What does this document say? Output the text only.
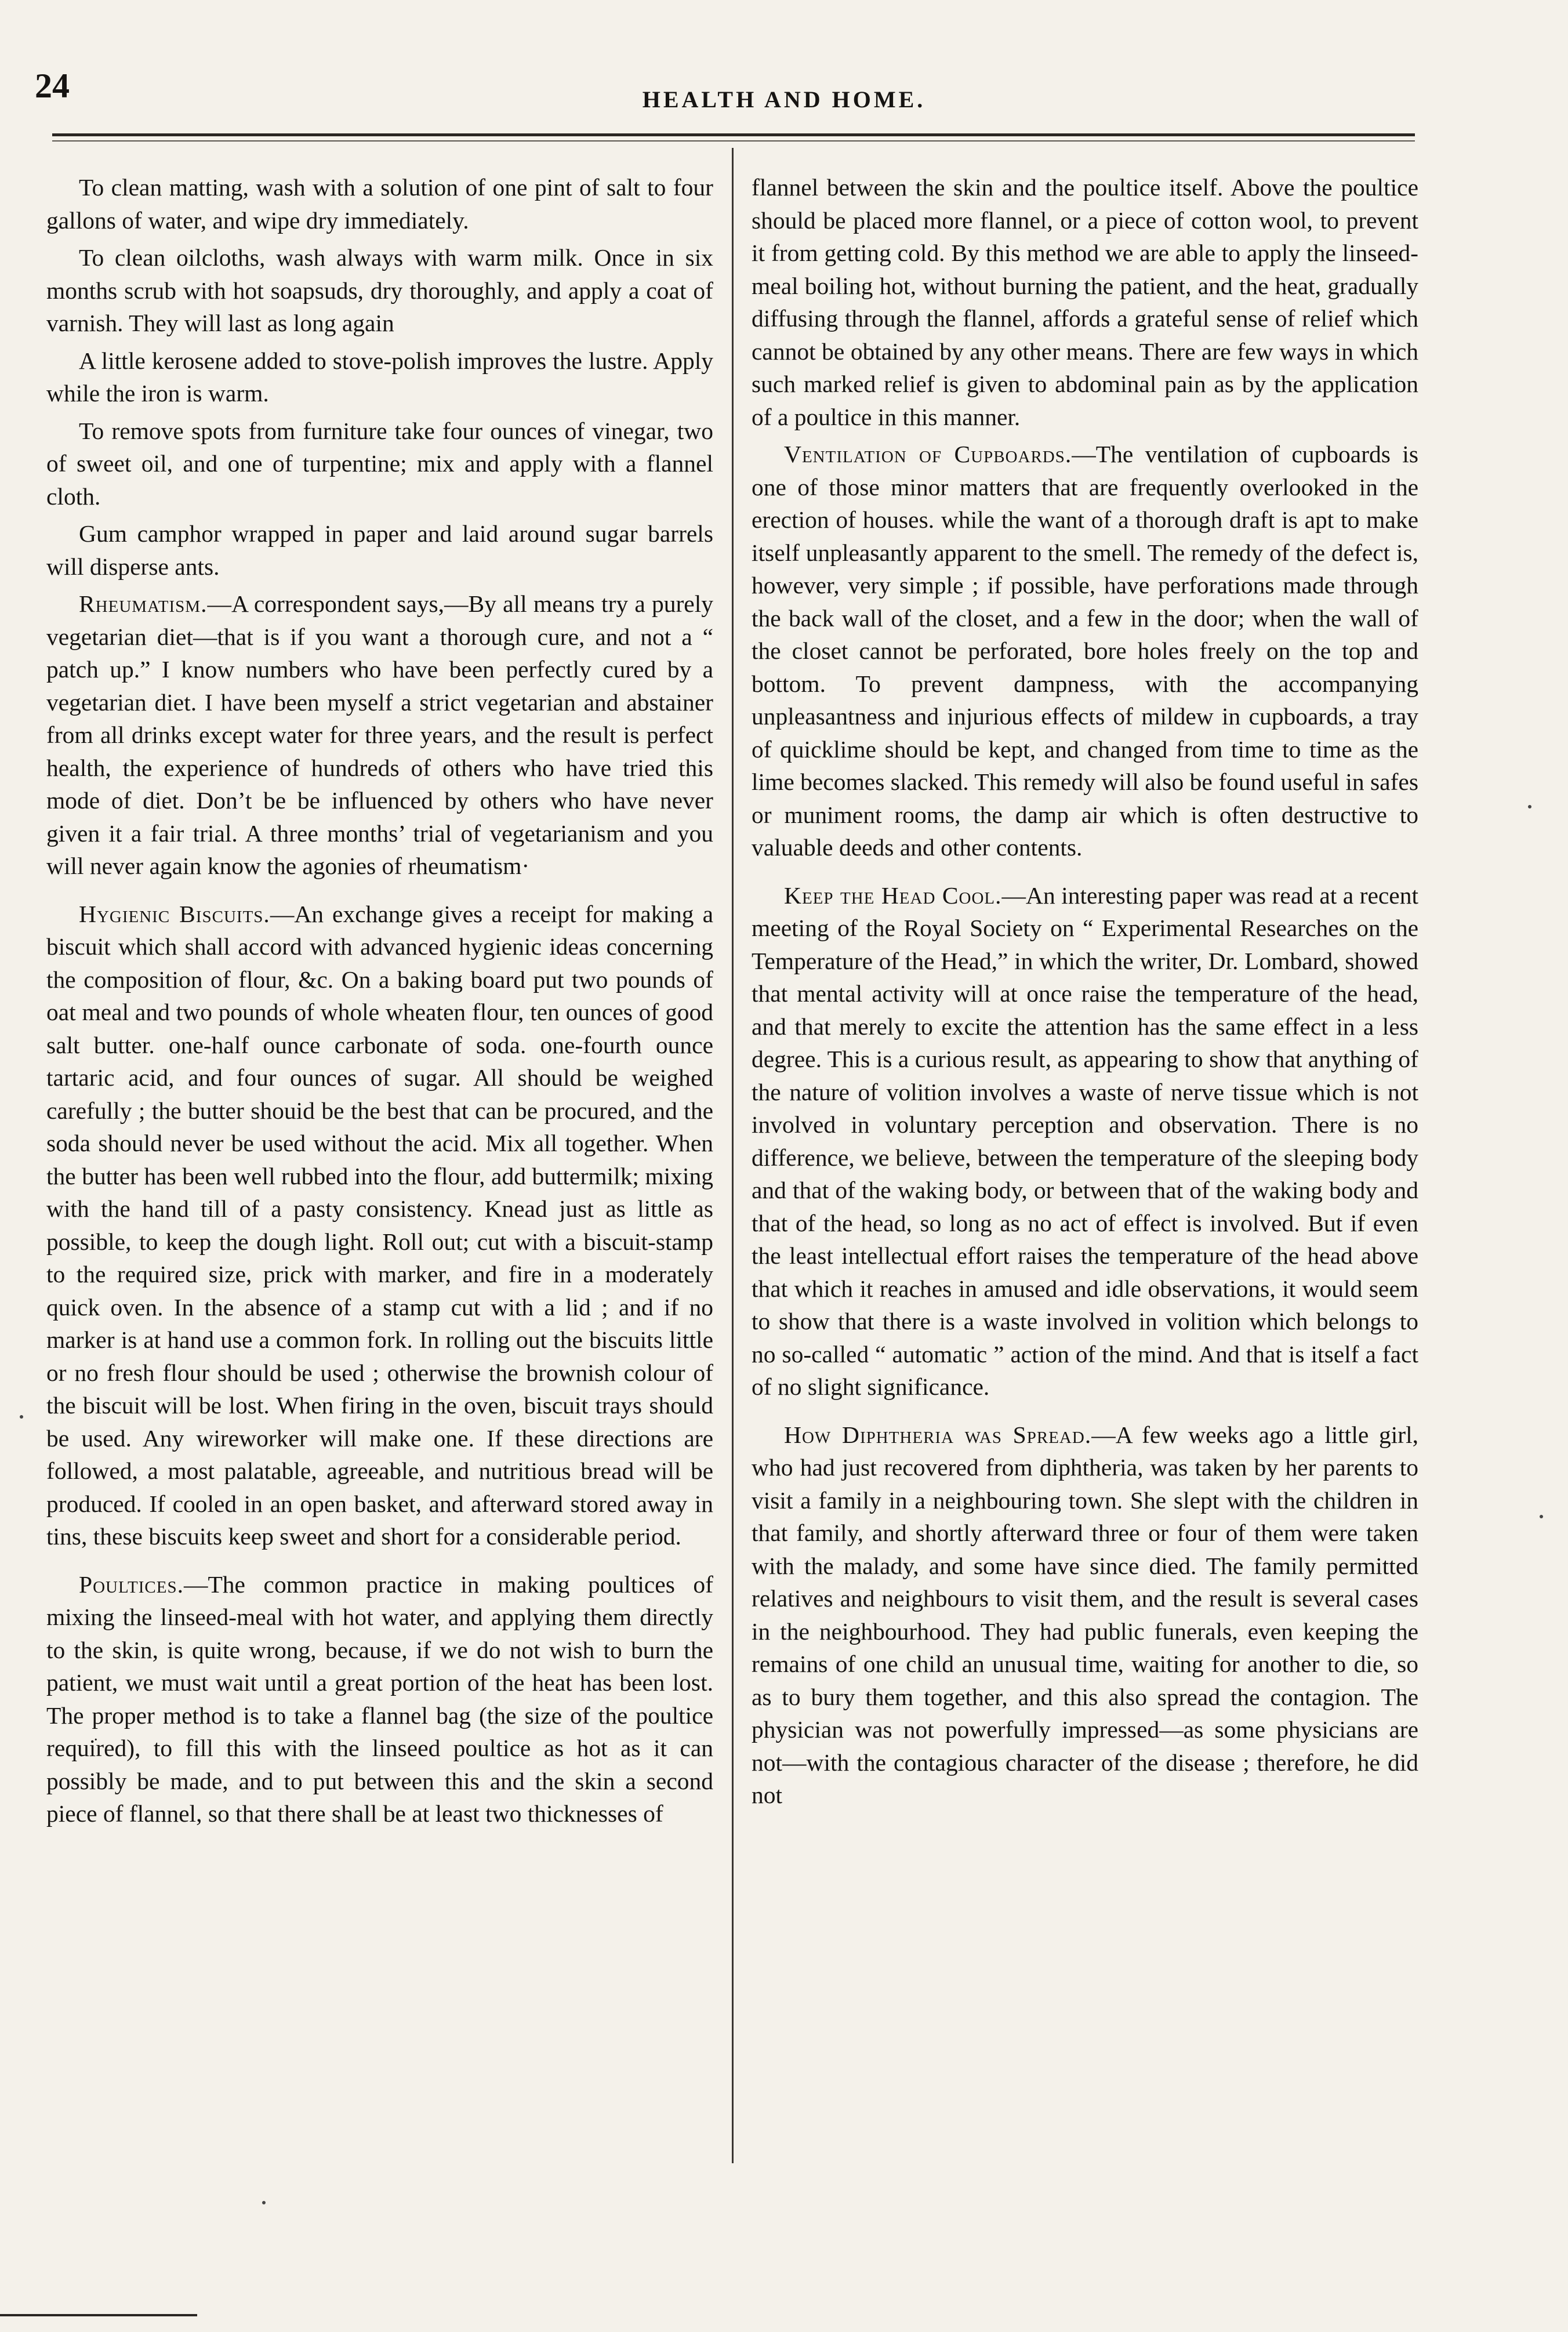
24	HEALTH AND HOME.

To clean matting, wash with a solution of one pint of salt to four gallons of water, and wipe dry immediately.

To clean oilcloths, wash always with warm milk. Once in six months scrub with hot soapsuds, dry thoroughly, and apply a coat of varnish. They will last as long again

A little kerosene added to stove-polish improves the lustre. Apply while the iron is warm.

To remove spots from furniture take four ounces of vinegar, two of sweet oil, and one of turpentine; mix and apply with a flannel cloth.

Gum camphor wrapped in paper and laid around sugar barrels will disperse ants.

Rheumatism.—A correspondent says,—By all means try a purely vegetarian diet—that is if you want a thorough cure, and not a “ patch up.” I know numbers who have been perfectly cured by a vegetarian diet. I have been myself a strict vegetarian and abstainer from all drinks except water for three years, and the result is perfect health, the experience of hundreds of others who have tried this mode of diet. Don’t be be influenced by others who have never given it a fair trial. A three months’ trial of vegetarianism and you will never again know the agonies of rheumatism·

Hygienic Biscuits.—An exchange gives a receipt for making a biscuit which shall accord with advanced hygienic ideas concerning the composition of flour, &c. On a baking board put two pounds of oat meal and two pounds of whole wheaten flour, ten ounces of good salt butter. one-half ounce carbonate of soda. one-fourth ounce tartaric acid, and four ounces of sugar. All should be weighed carefully ; the butter shouid be the best that can be procured, and the soda should never be used without the acid. Mix all together. When the butter has been well rubbed into the flour, add buttermilk; mixing with the hand till of a pasty consistency. Knead just as little as possible, to keep the dough light. Roll out; cut with a biscuit-stamp to the required size, prick with marker, and fire in a moderately quick oven. In the absence of a stamp cut with a lid ; and if no marker is at hand use a common fork. In rolling out the biscuits little or no fresh flour should be used ; otherwise the brownish colour of the biscuit will be lost. When firing in the oven, biscuit trays should be used. Any wireworker will make one. If these directions are followed, a most palatable, agreeable, and nutritious bread will be produced. If cooled in an open basket, and afterward stored away in tins, these biscuits keep sweet and short for a considerable period.

Poultices.—The common practice in making poultices of mixing the linseed-meal with hot water, and applying them directly to the skin, is quite wrong, because, if we do not wish to burn the patient, we must wait until a great portion of the heat has been lost. The proper method is to take a flannel bag (the size of the poultice requiׁred), to fill this with the linseed poultice as hot as it can possibly be made, and to put between this and the skin a second piece of flannel, so that there shall be at least two thicknesses of

flannel between the skin and the poultice itself. Above the poultice should be placed more flannel, or a piece of cotton wool, to prevent it from getting cold. By this method we are able to apply the linseed-meal boiling hot, without burning the patient, and the heat, gradually diffusing through the flannel, affords a grateful sense of relief which cannot be obtained by any other means. There are few ways in which such marked relief is given to abdominal pain as by the application of a poultice in this manner.

Ventilation of Cupboards.—The ventilation of cupboards is one of those minor matters that are frequently overlooked in the erection of houses. while the want of a thorough draft is apt to make itself unpleasantly apparent to the smell. The remedy of the defect is, however, very simple ; if possible, have perforations made through the back wall of the closet, and a few in the door; when the wall of the closet cannot be perforated, bore holes freely on the top and bottom. To prevent dampness, with the accompanying unpleasantness and injurious effects of mildew in cupboards, a tray of quicklime should be kept, and changed from time to time as the lime becomes slacked. This remedy will also be found useful in safes or muniment rooms, the damp air which is often destructive to valuable deeds and other contents.

Keep the Head Cool.—An interesting paper was read at a recent meeting of the Royal Society on “ Experimental Researches on the Temperature of the Head,” in which the writer, Dr. Lombard, showed that mental activity will at once raise the temperature of the head, and that merely to excite the attention has the same effect in a less degree. This is a curious result, as appearing to show that anything of the nature of volition involves a waste of nerve tissue which is not involved in voluntary perception and observation. There is no difference, we believe, between the temperature of the sleeping body and that of the waking body, or between that of the waking body and that of the head, so long as no act of effect is involved. But if even the least intellectual effort raises the temperature of the head above that which it reaches in amused and idle observations, it would seem to show that there is a waste involved in volition which belongs to no so-called “ automatic ” action of the mind. And that is itself a fact of no slight significance.

How Diphtheria was Spread.—A few weeks ago a little girl, who had just recovered from diphtheria, was taken by her parents to visit a family in a neighbouring town. She slept with the children in that family, and shortly afterward three or four of them were taken with the malady, and some have since died. The family permitted relatives and neighbours to visit them, and the result is several cases in the neighbourhood. They had public funerals, even keeping the remains of one child an unusual time, waiting for another to die, so as to bury them together, and this also spread the contagion. The physician was not powerfully impressed—as some physicians are not—with the contagious character of the disease ; therefore, he did not
